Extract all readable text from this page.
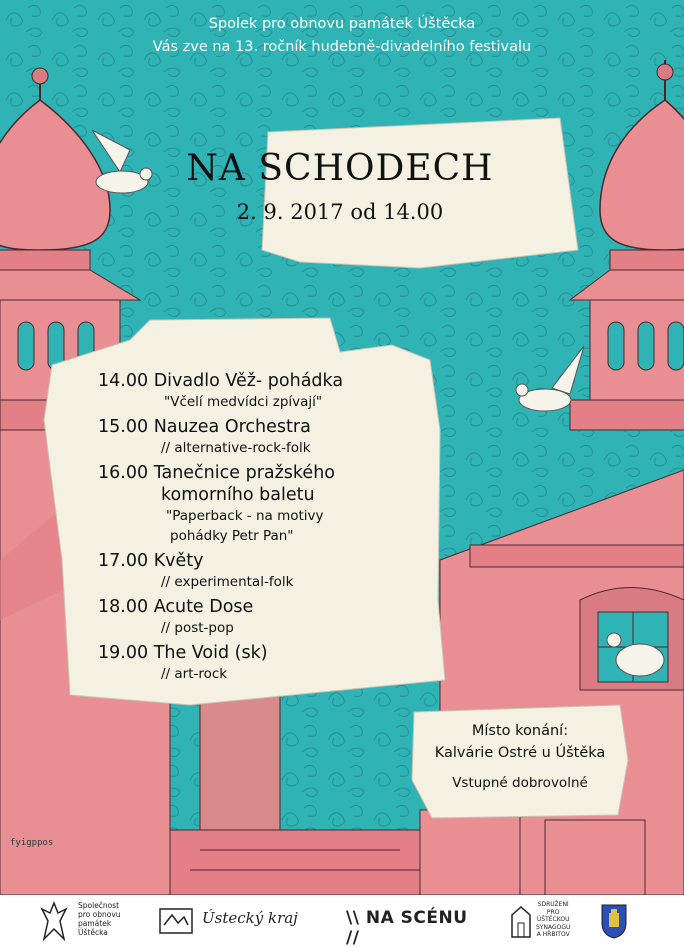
Spolek pro obnovu památek Úštěcka
Vás zve na 13. ročník hudebně-divadelního festivalu
NA SCHODECH
2. 9. 2017 od 14.00
14.00 Divadlo Věž- pohádka
"Včelí medvídci zpívají"
15.00 Nauzea Orchestra
// alternative-rock-folk
16.00 Tanečnice pražského
komorního baletu
"Paperback - na motivy
pohádky Petr Pan"
17.00 Květy
// experimental-folk
18.00 Acute Dose
// post-pop
19.00 The Void (sk)
// art-rock
Místo konání:
Kalvárie Ostré u Úštěka
Vstupné dobrovolné
fyigppos
Společnost
pro obnovu
památek
Úštěcka
Ústecký kraj	\\ NA SCÉNU //
SDRUŽENÍ
PRO
ÚŠTĚCKOU
SYNAGOGU
A HŘBITOV
